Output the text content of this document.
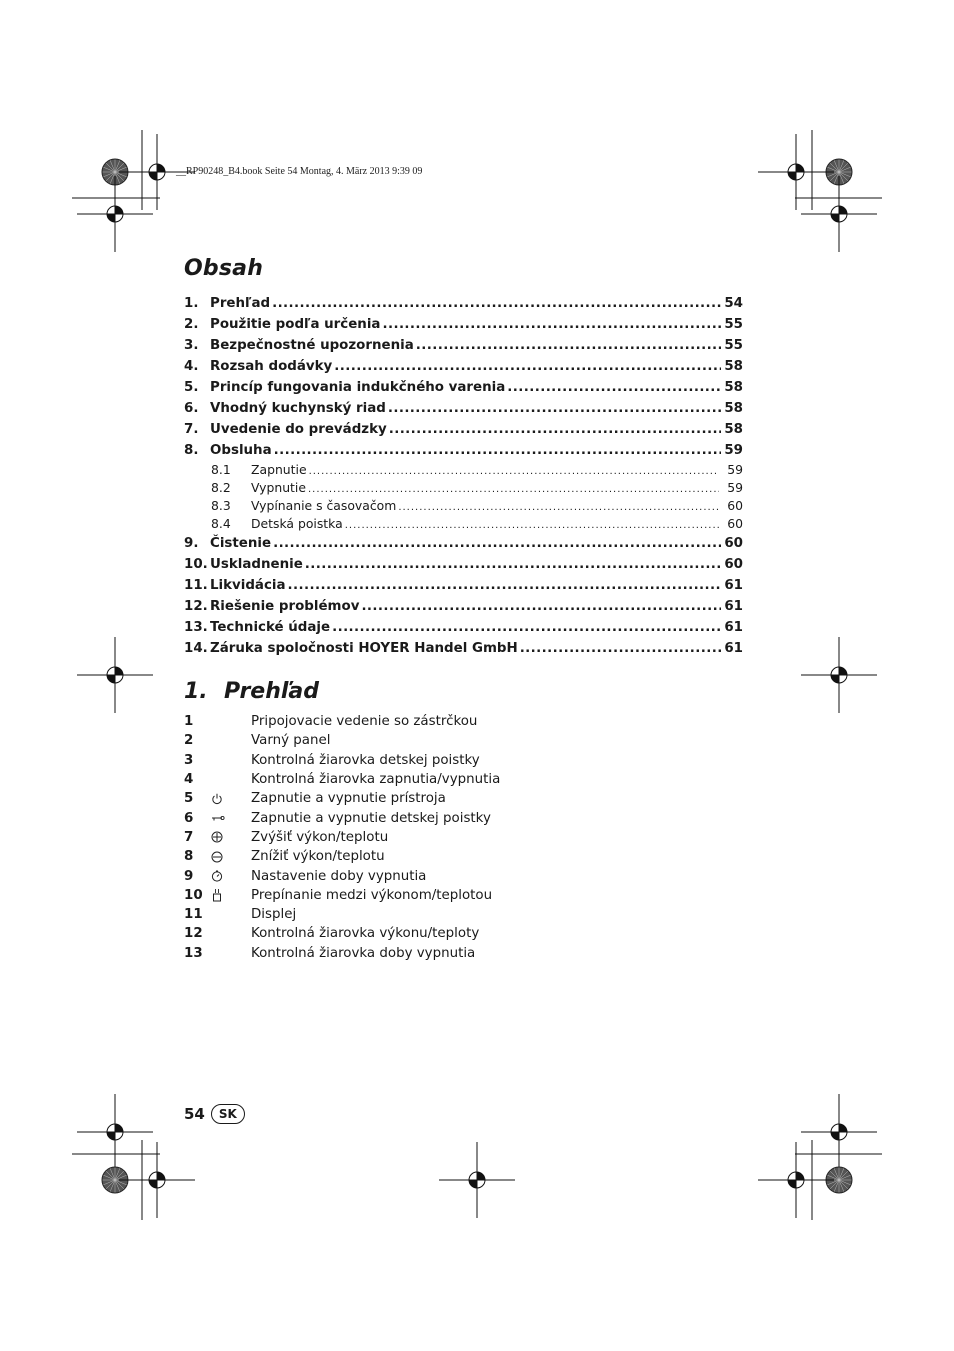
__RP90248_B4.book Seite 54 Montag, 4. März 2013 9:39 09
Obsah
1. Prehľad .....	54
2. Použitie podľa určenia .....	55
3. Bezpečnostné upozornenia .....	55
4. Rozsah dodávky .....	58
5. Princíp fungovania indukčného varenia .....	58
6. Vhodný kuchynský riad .....	58
7. Uvedenie do prevádzky .....	58
8. Obsluha .....	59
8.1	Zapnutie .....	59
8.2	Vypnutie .....	59
8.3	Vypínanie s časovačom .....	60
8.4	Detská poistka .....	60
9. Čistenie .....	60
10. Uskladnenie .....	60
11. Likvidácia .....	61
12. Riešenie problémov .....	61
13. Technické údaje .....	61
14. Záruka spoločnosti HOYER Handel GmbH .....	61
1. Prehľad
1	Pripojovacie vedenie so zástrčkou
2	Varný panel
3	Kontrolná žiarovka detskej poistky
4	Kontrolná žiarovka zapnutia/vypnutia
5	Zapnutie a vypnutie prístroja
6	Zapnutie a vypnutie detskej poistky
7	Zvýšiť výkon/teplotu
8	Znížiť výkon/teplotu
9	Nastavenie doby vypnutia
10	Prepínanie medzi výkonom/teplotou
11	Displej
12	Kontrolná žiarovka výkonu/teploty
13	Kontrolná žiarovka doby vypnutia
54	SK
